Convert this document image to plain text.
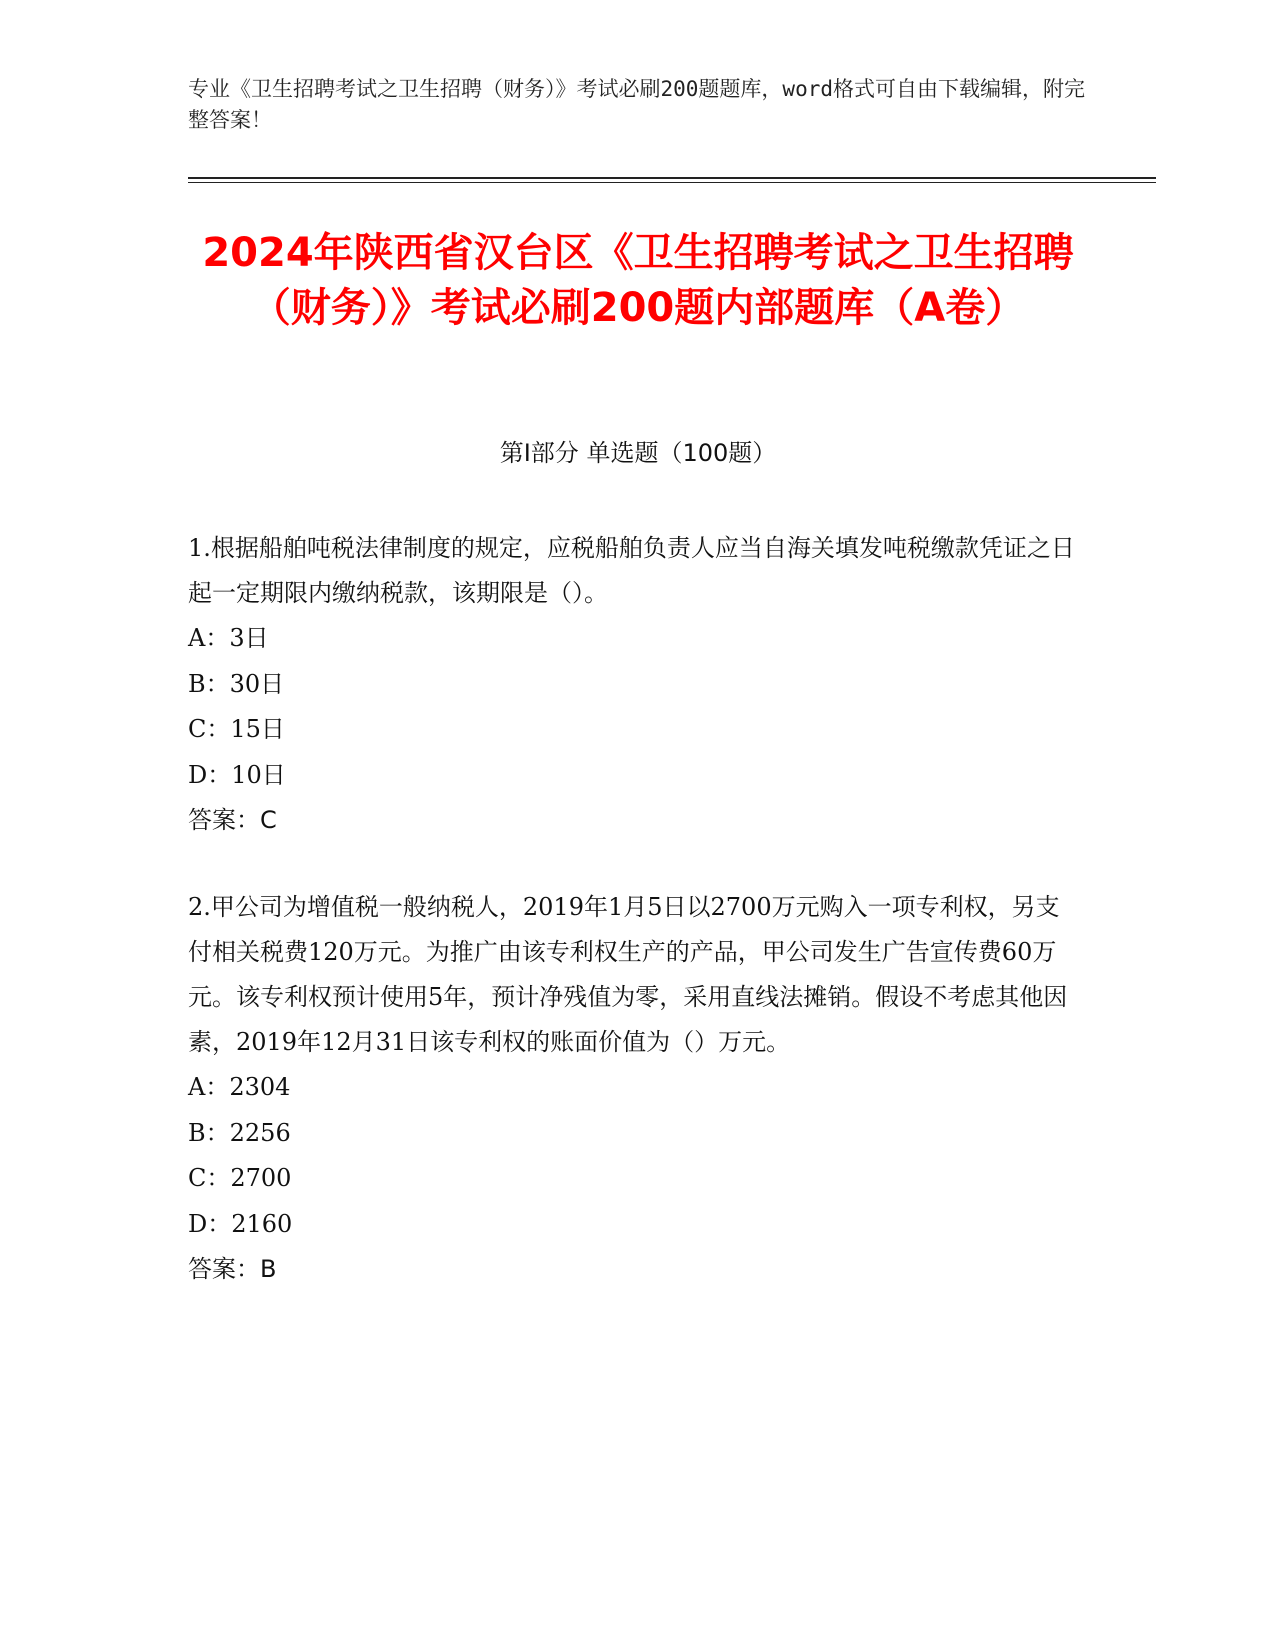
专业《卫生招聘考试之卫生招聘（财务）》考试必刷200题题库，word格式可自由下载编辑，附完整答案！
2024年陕西省汉台区《卫生招聘考试之卫生招聘（财务）》考试必刷200题内部题库（A卷）
第Ⅰ部分 单选题（100题）
1.根据船舶吨税法律制度的规定，应税船舶负责人应当自海关填发吨税缴款凭证之日起一定期限内缴纳税款，该期限是（）。
A：3日
B：30日
C：15日
D：10日
答案：C
2.甲公司为增值税一般纳税人，2019年1月5日以2700万元购入一项专利权，另支付相关税费120万元。为推广由该专利权生产的产品，甲公司发生广告宣传费60万元。该专利权预计使用5年，预计净残值为零，采用直线法摊销。假设不考虑其他因素，2019年12月31日该专利权的账面价值为（）万元。
A：2304
B：2256
C：2700
D：2160
答案：B
